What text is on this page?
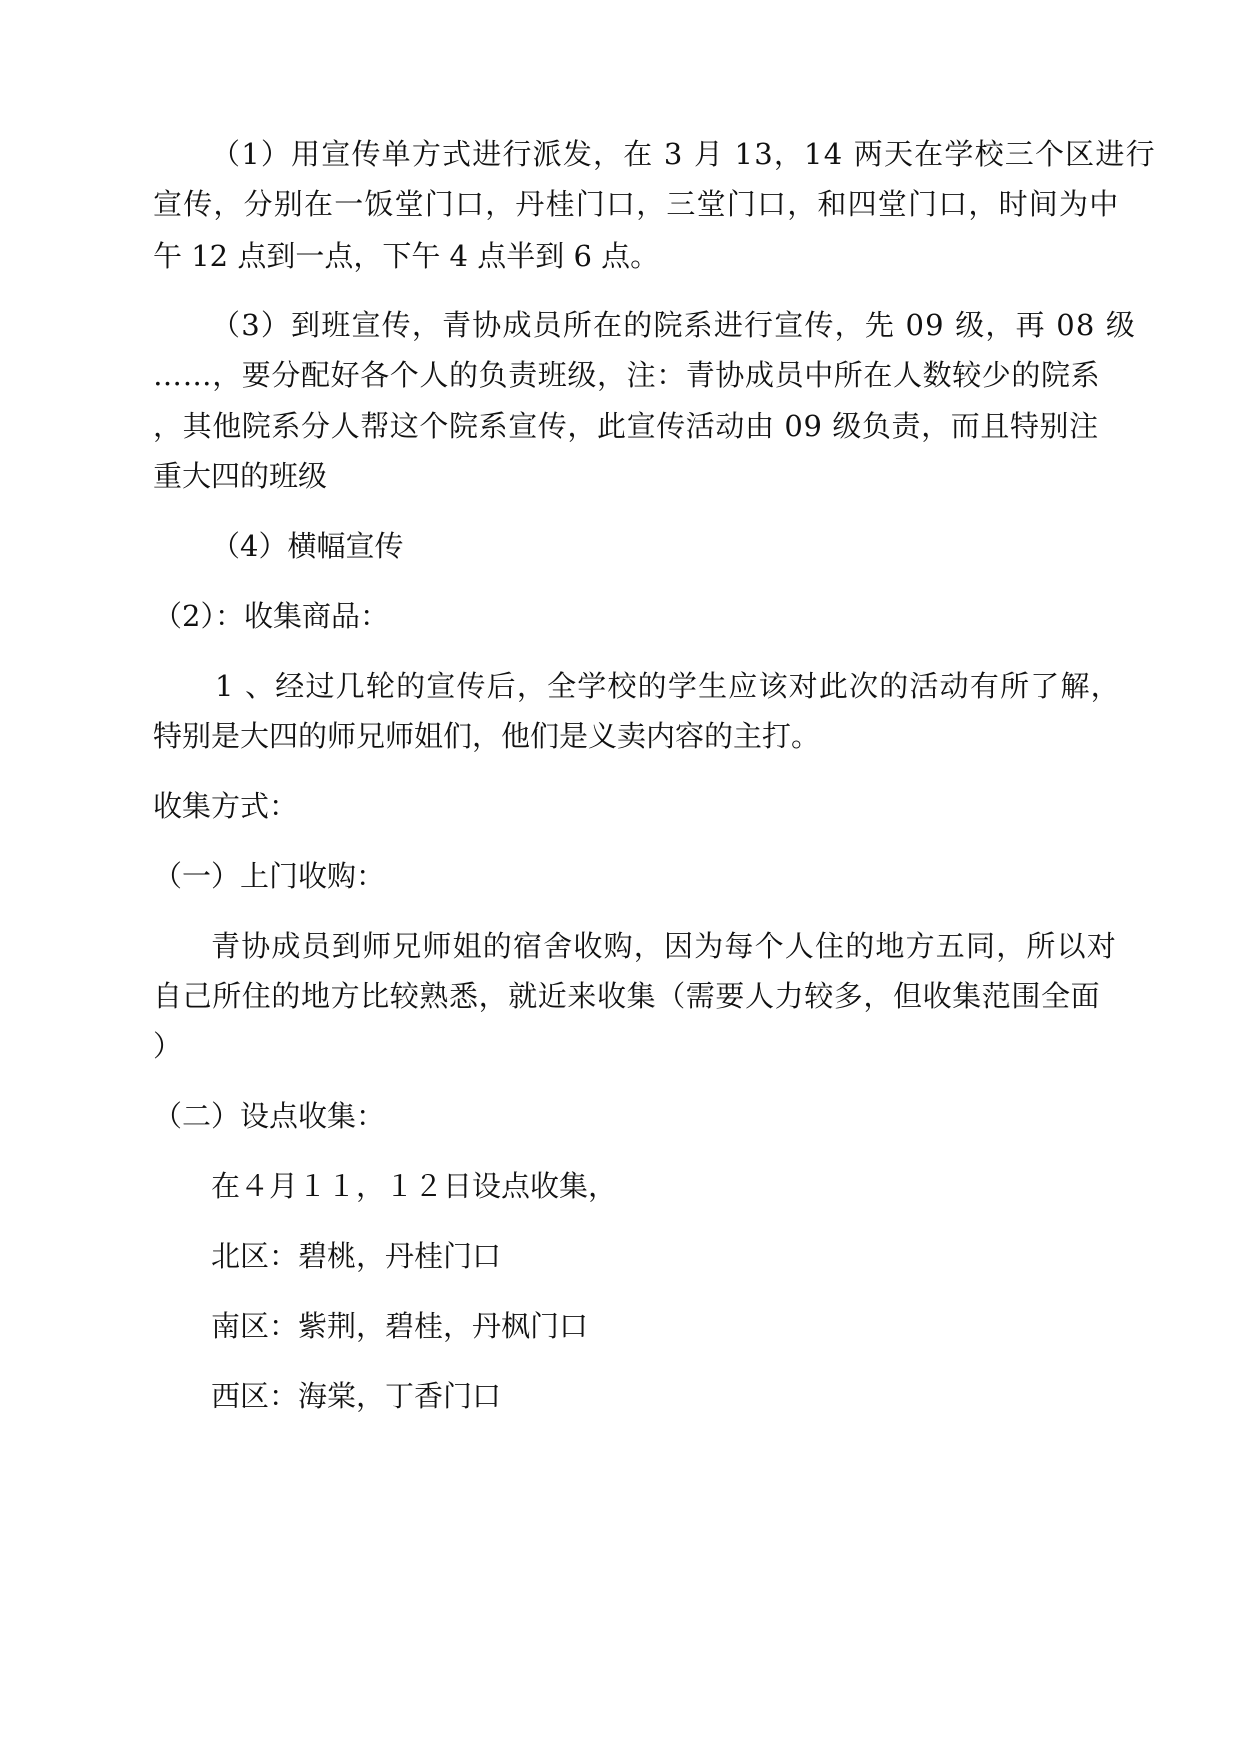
（1）用宣传单方式进行派发，在 3 月 13，14 两天在学校三个区进行
宣传，分别在一饭堂门口，丹桂门口，三堂门口，和四堂门口，时间为中
午 12 点到一点，下午 4 点半到 6 点。
（3）到班宣传，青协成员所在的院系进行宣传，先 09 级，再 08 级
……，要分配好各个人的负责班级，注：青协成员中所在人数较少的院系
，其他院系分人帮这个院系宣传，此宣传活动由 09 级负责，而且特别注
重大四的班级
（4）横幅宣传
（2）：收集商品：
1 、经过几轮的宣传后，全学校的学生应该对此次的活动有所了解，
特别是大四的师兄师姐们，他们是义卖内容的主打。
收集方式：
（一）上门收购：
青协成员到师兄师姐的宿舍收购，因为每个人住的地方五同，所以对
自己所住的地方比较熟悉，就近来收集（需要人力较多，但收集范围全面
）
（二）设点收集：
在４月１１，１２日设点收集，
北区：碧桃，丹桂门口
南区：紫荆，碧桂，丹枫门口
西区：海棠，丁香门口
